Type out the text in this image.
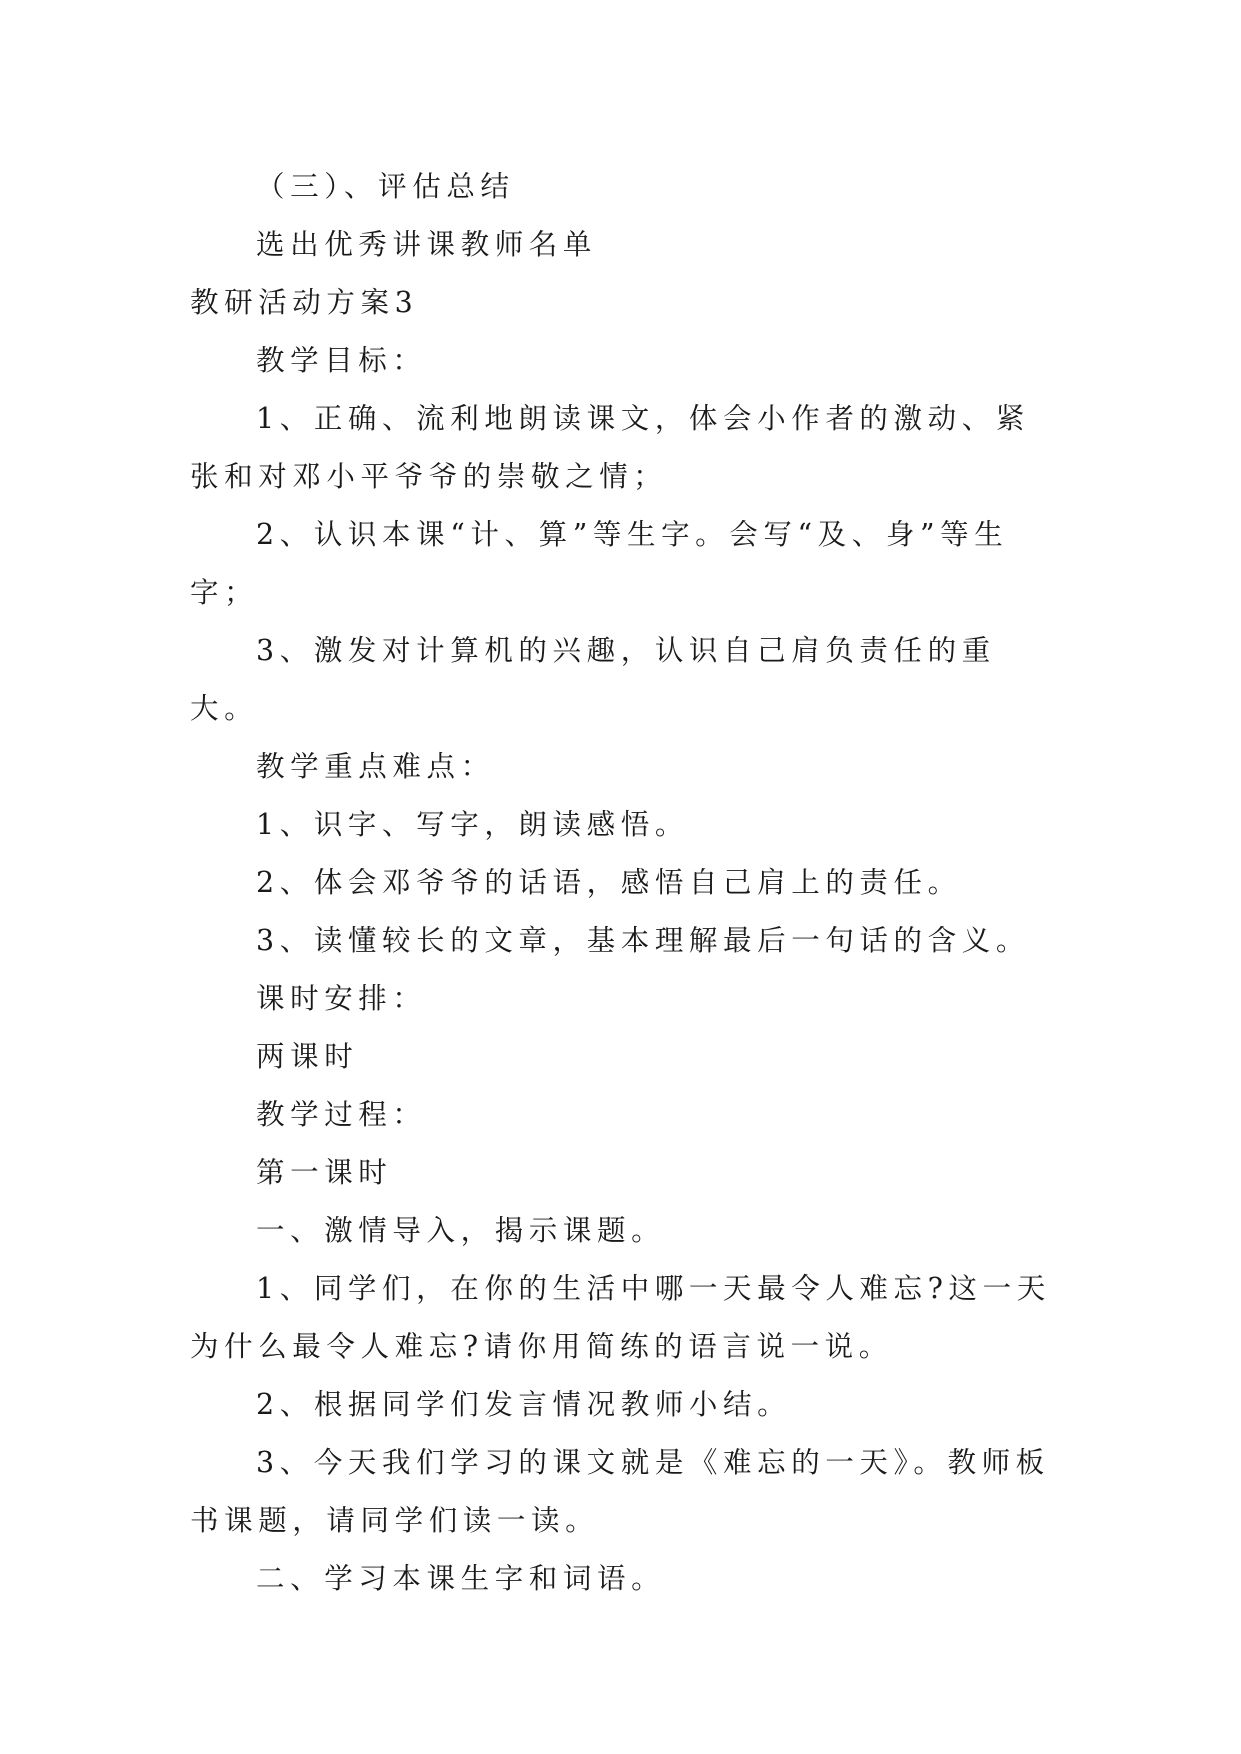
（三）、评估总结

选出优秀讲课教师名单

教研活动方案3

教学目标：

1、正确、流利地朗读课文，体会小作者的激动、紧张和对邓小平爷爷的崇敬之情；

2、认识本课“计、算”等生字。会写“及、身”等生字；

3、激发对计算机的兴趣，认识自己肩负责任的重大。

教学重点难点：

1、识字、写字，朗读感悟。

2、体会邓爷爷的话语，感悟自己肩上的责任。

3、读懂较长的文章，基本理解最后一句话的含义。

课时安排：

两课时

教学过程：

第一课时

一、激情导入，揭示课题。

1、同学们，在你的生活中哪一天最令人难忘?这一天为什么最令人难忘?请你用简练的语言说一说。

2、根据同学们发言情况教师小结。

3、今天我们学习的课文就是《难忘的一天》。教师板书课题，请同学们读一读。

二、学习本课生字和词语。
